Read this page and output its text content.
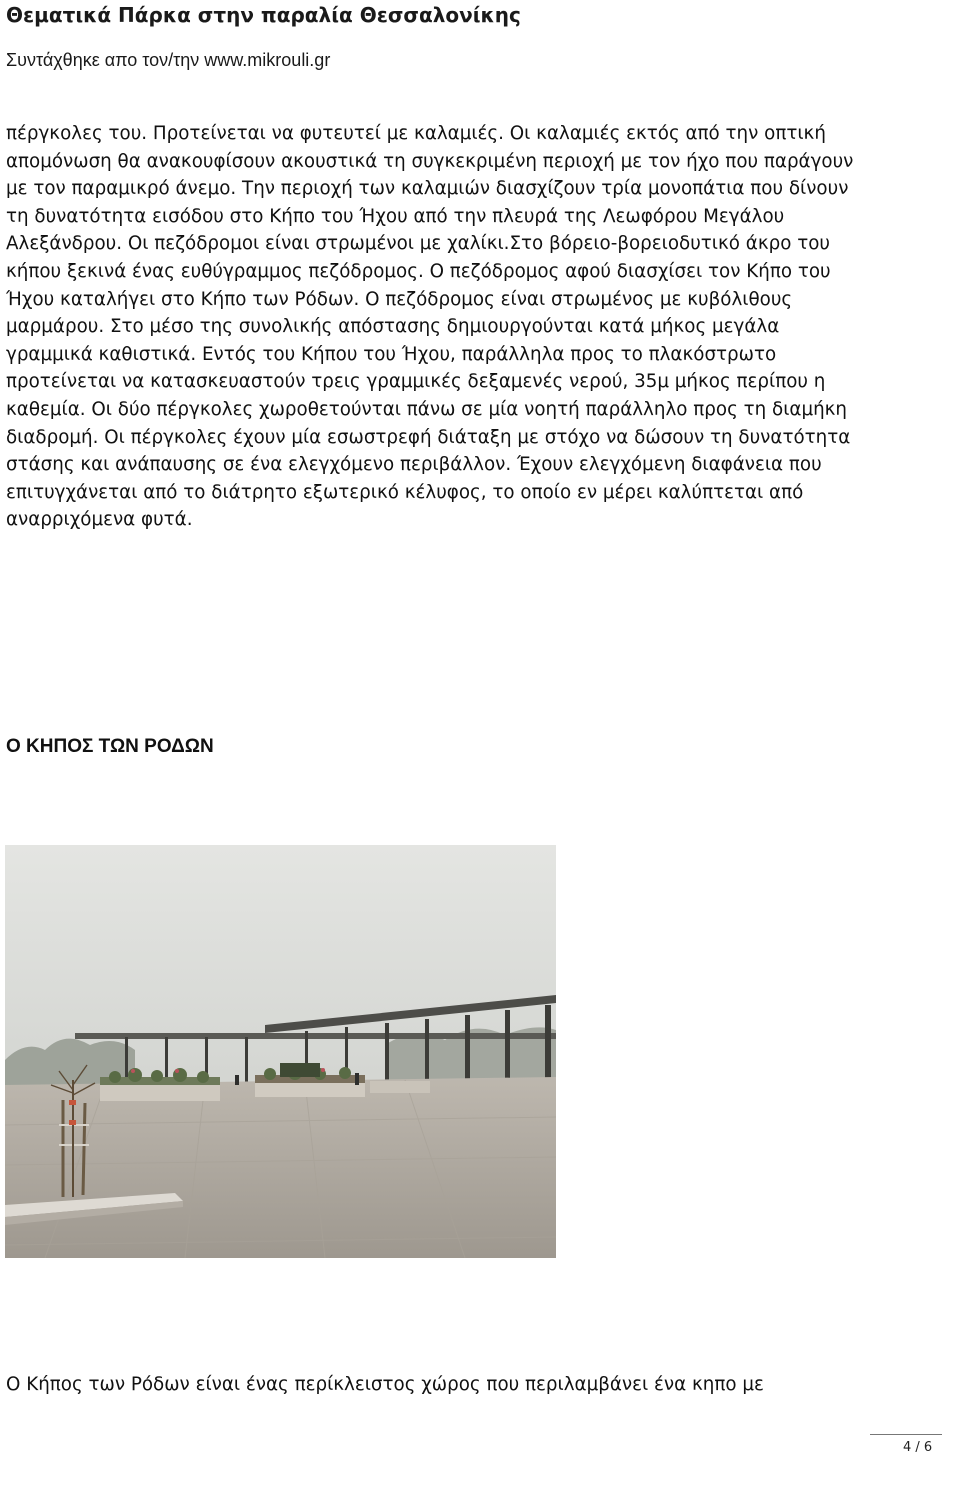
Θεματικά Πάρκα στην παραλία Θεσσαλονίκης
Συντάχθηκε απο τον/την www.mikrouli.gr
πέργκολες του. Προτείνεται να φυτευτεί με καλαμιές. Οι καλαμιές εκτός από την οπτική
απομόνωση θα ανακουφίσουν ακουστικά τη συγκεκριμένη περιοχή με τον ήχο που παράγουν
με τον παραμικρό άνεμο. Την περιοχή των καλαμιών διασχίζουν τρία μονοπάτια που δίνουν
τη δυνατότητα εισόδου στο Κήπο του Ήχου από την πλευρά της Λεωφόρου Μεγάλου
Αλεξάνδρου. Οι πεζόδρομοι είναι στρωμένοι με χαλίκι.Στο βόρειο-βορειοδυτικό άκρο του
κήπου ξεκινά ένας ευθύγραμμος πεζόδρομος. Ο πεζόδρομος αφού διασχίσει τον Κήπο του
Ήχου καταλήγει στο Κήπο των Ρόδων. Ο πεζόδρομος είναι στρωμένος με κυβόλιθους
μαρμάρου. Στο μέσο της συνολικής απόστασης δημιουργούνται κατά μήκος μεγάλα
γραμμικά καθιστικά. Εντός του Κήπου του Ήχου, παράλληλα προς το πλακόστρωτο
προτείνεται να κατασκευαστούν τρεις γραμμικές δεξαμενές νερού, 35μ μήκος περίπου η
καθεμία. Οι δύο πέργκολες χωροθετούνται πάνω σε μία νοητή παράλληλο προς τη διαμήκη
διαδρομή. Οι πέργκολες έχουν μία εσωστρεφή διάταξη με στόχο να δώσουν τη δυνατότητα
στάσης και ανάπαυσης σε ένα ελεγχόμενο περιβάλλον. Έχουν ελεγχόμενη διαφάνεια που
επιτυγχάνεται από το διάτρητο εξωτερικό κέλυφος, το οποίο εν μέρει καλύπτεται από
αναρριχόμενα φυτά.
Ο ΚΗΠΟΣ ΤΩΝ ΡΟΔΩΝ
Ο Κήπος των Ρόδων είναι ένας περίκλειστος χώρος που περιλαμβάνει ένα κηπο με
4 / 6
